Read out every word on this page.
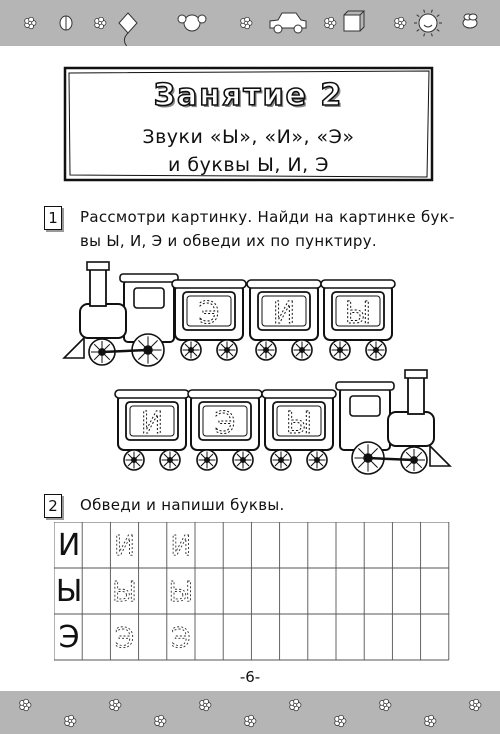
Занятие 2
Звуки «Ы», «И», «Э»
и буквы Ы, И, Э
1 Рассмотри картинку. Найди на картинке бук-
вы Ы, И, Э и обведи их по пунктиру.
Э И Ы
И Э Ы
2 Обведи и напиши буквы.
И И И
Ы Ы Ы
Э Э Э
-6-
